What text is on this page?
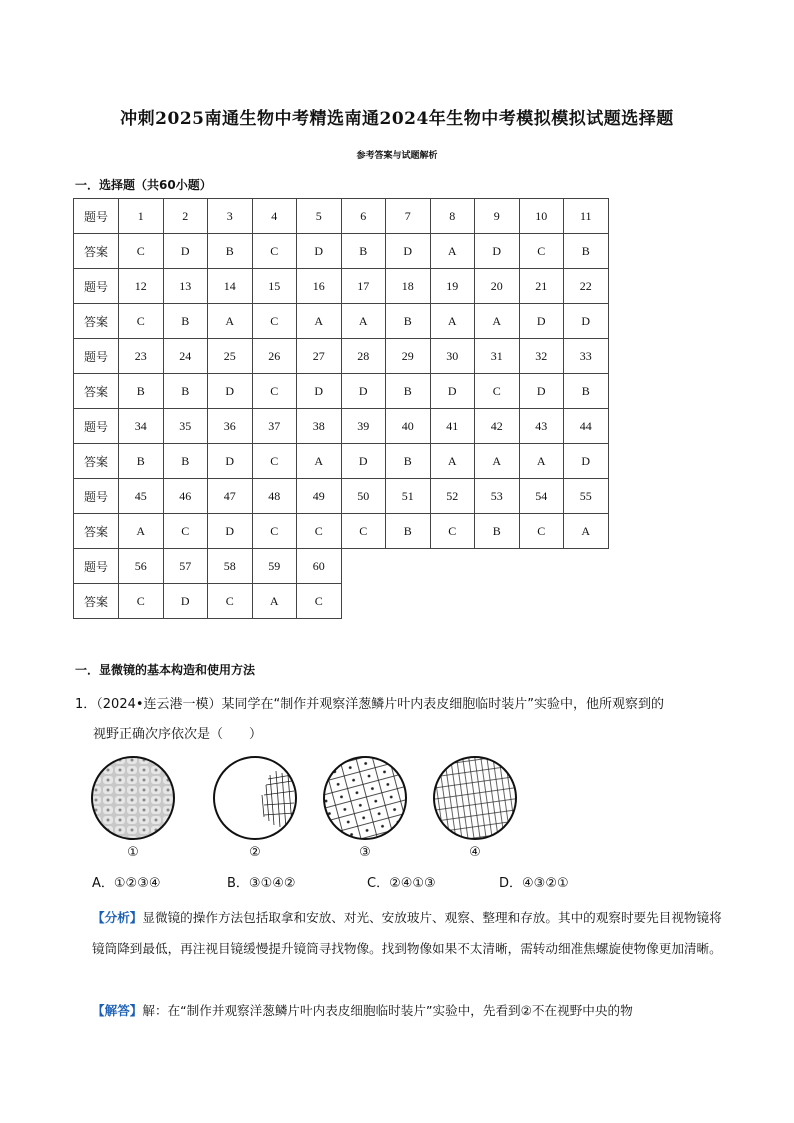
冲刺2025南通生物中考精选南通2024年生物中考模拟模拟试题选择题
参考答案与试题解析
一．选择题（共60小题）
题号	1	2	3	4	5	6	7	8	9	10	11
答案	C	D	B	C	D	B	D	A	D	C	B
题号	12	13	14	15	16	17	18	19	20	21	22
答案	C	B	A	C	A	A	B	A	A	D	D
题号	23	24	25	26	27	28	29	30	31	32	33
答案	B	B	D	C	D	D	B	D	C	D	B
题号	34	35	36	37	38	39	40	41	42	43	44
答案	B	B	D	C	A	D	B	A	A	A	D
题号	45	46	47	48	49	50	51	52	53	54	55
答案	A	C	D	C	C	C	B	C	B	C	A
题号	56	57	58	59	60						
答案	C	D	C	A	C						
一．显微镜的基本构造和使用方法
1．（2024•连云港一模）某同学在“制作并观察洋葱鳞片叶内表皮细胞临时装片”实验中，他所观察到的
视野正确次序依次是（　　）
①	②	③	④
A．①②③④	B．③①④②	C．②④①③	D．④③②①
【分析】显微镜的操作方法包括取拿和安放、对光、安放玻片、观察、整理和存放。其中的观察时要先目视物镜将镜筒降到最低，再注视目镜缓慢提升镜筒寻找物像。找到物像如果不太清晰，需转动细准焦螺旋使物像更加清晰。
【解答】解：在“制作并观察洋葱鳞片叶内表皮细胞临时装片”实验中，先看到②不在视野中央的物
